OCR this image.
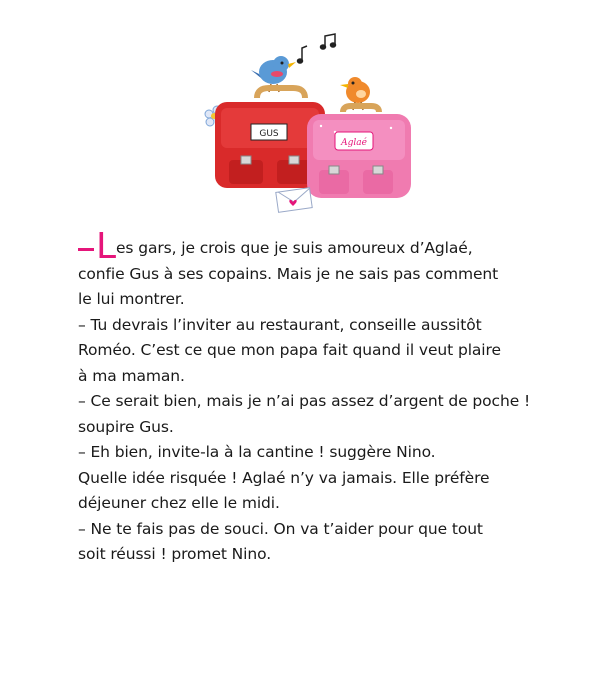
GUS
Aglaé
L es gars, je crois que je suis amoureux d’Aglaé,
confie Gus à ses copains. Mais je ne sais pas comment
le lui montrer.
– Tu devrais l’inviter au restaurant, conseille aussitôt
Roméo. C’est ce que mon papa fait quand il veut plaire
à ma maman.
– Ce serait bien, mais je n’ai pas assez d’argent de poche !
soupire Gus.
– Eh bien, invite-la à la cantine ! suggère Nino.
Quelle idée risquée ! Aglaé n’y va jamais. Elle préfère
déjeuner chez elle le midi.
– Ne te fais pas de souci. On va t’aider pour que tout
soit réussi ! promet Nino.
